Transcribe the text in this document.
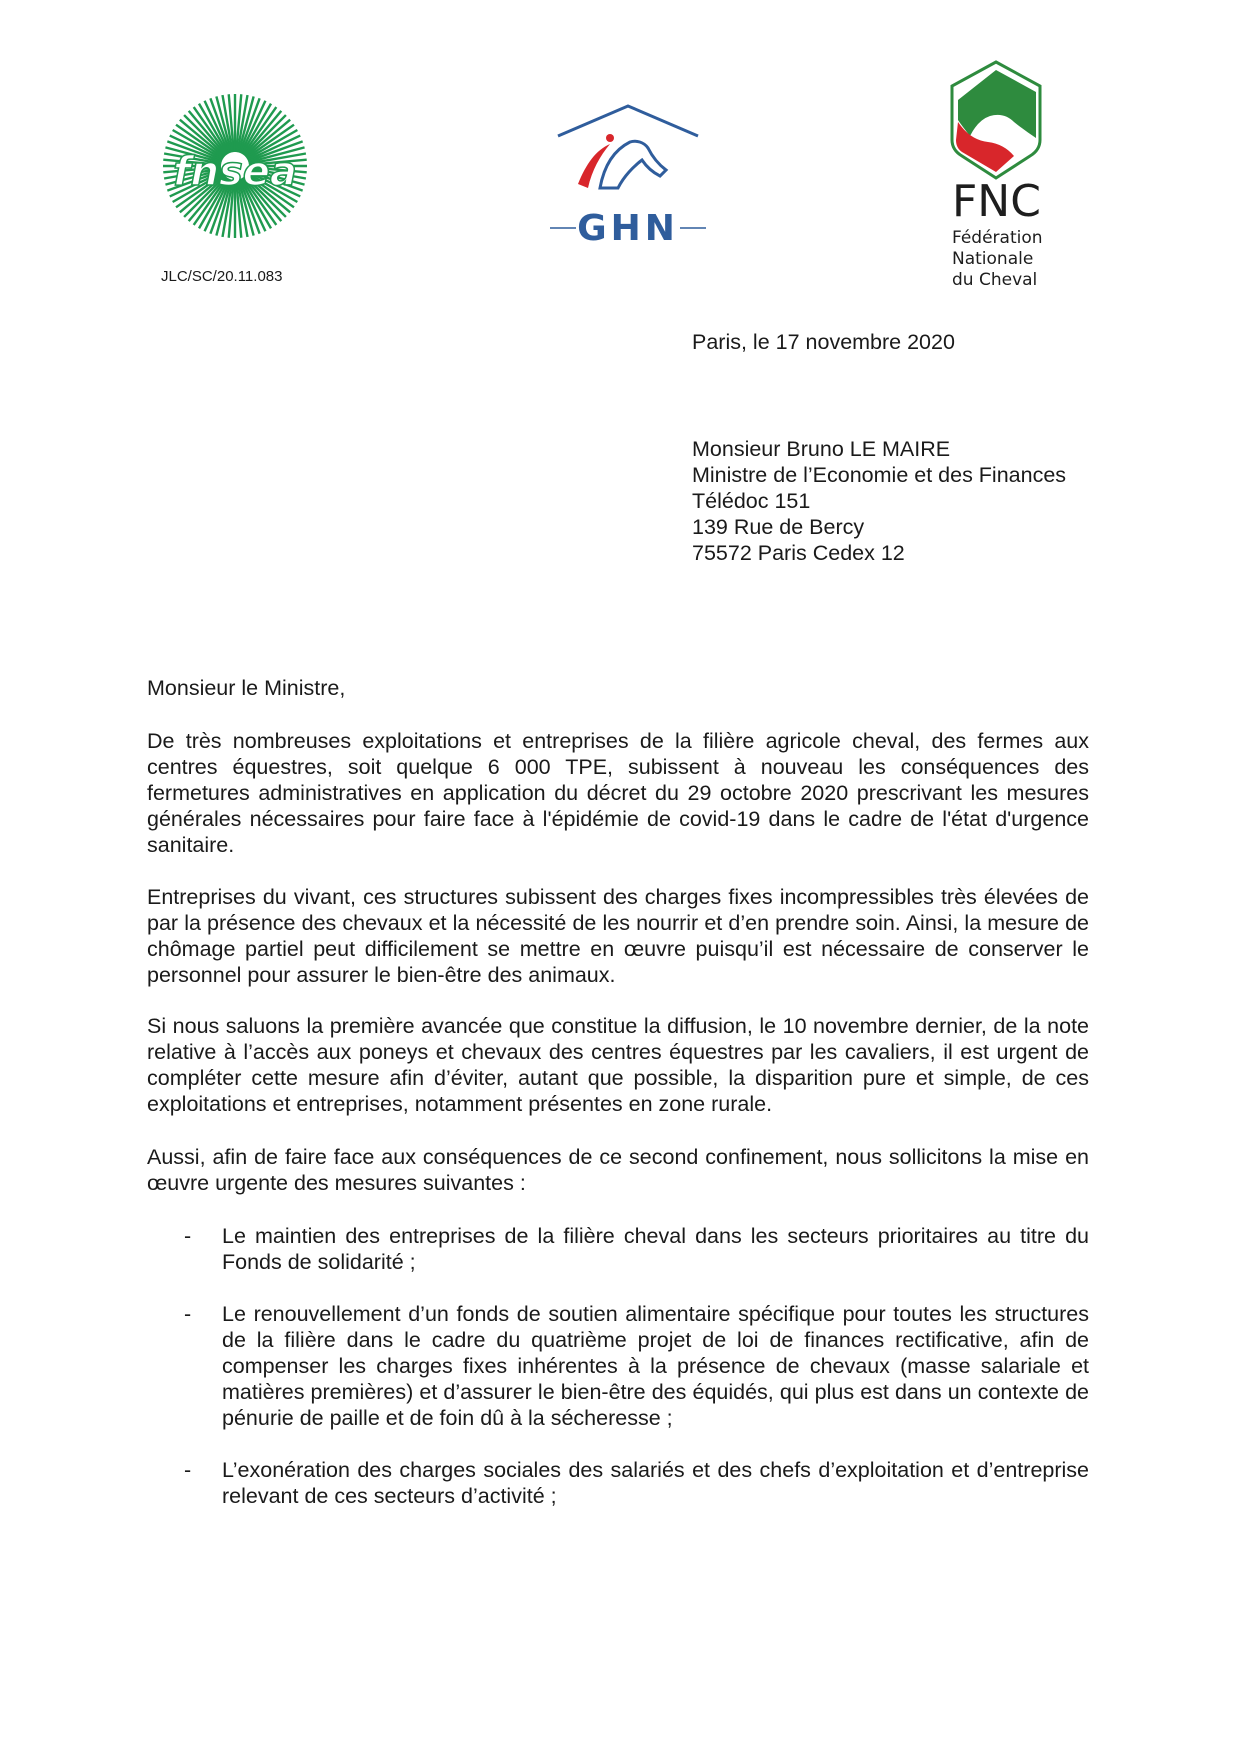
fnsea
GHN
FNC
Fédération
Nationale
du Cheval
JLC/SC/20.11.083
Paris, le 17 novembre 2020
Monsieur Bruno LE MAIRE
Ministre de l’Economie et des Finances
Télédoc 151
139 Rue de Bercy
75572 Paris Cedex 12
Monsieur le Ministre,

De très nombreuses exploitations et entreprises de la filière agricole cheval, des fermes aux centres équestres, soit quelque 6 000 TPE, subissent à nouveau les conséquences des fermetures administratives en application du décret du 29 octobre 2020 prescrivant les mesures générales nécessaires pour faire face à l'épidémie de covid-19 dans le cadre de l'état d'urgence sanitaire.

Entreprises du vivant, ces structures subissent des charges fixes incompressibles très élevées de par la présence des chevaux et la nécessité de les nourrir et d’en prendre soin. Ainsi, la mesure de chômage partiel peut difficilement se mettre en œuvre puisqu’il est nécessaire de conserver le personnel pour assurer le bien-être des animaux.

Si nous saluons la première avancée que constitue la diffusion, le 10 novembre dernier, de la note relative à l’accès aux poneys et chevaux des centres équestres par les cavaliers, il est urgent de compléter cette mesure afin d’éviter, autant que possible, la disparition pure et simple, de ces exploitations et entreprises, notamment présentes en zone rurale.

Aussi, afin de faire face aux conséquences de ce second confinement, nous sollicitons la mise en œuvre urgente des mesures suivantes :

- Le maintien des entreprises de la filière cheval dans les secteurs prioritaires au titre du Fonds de solidarité ;
- Le renouvellement d’un fonds de soutien alimentaire spécifique pour toutes les structures de la filière dans le cadre du quatrième projet de loi de finances rectificative, afin de compenser les charges fixes inhérentes à la présence de chevaux (masse salariale et matières premières) et d’assurer le bien-être des équidés, qui plus est dans un contexte de pénurie de paille et de foin dû à la sécheresse ;
- L’exonération des charges sociales des salariés et des chefs d’exploitation et d’entreprise relevant de ces secteurs d’activité ;
